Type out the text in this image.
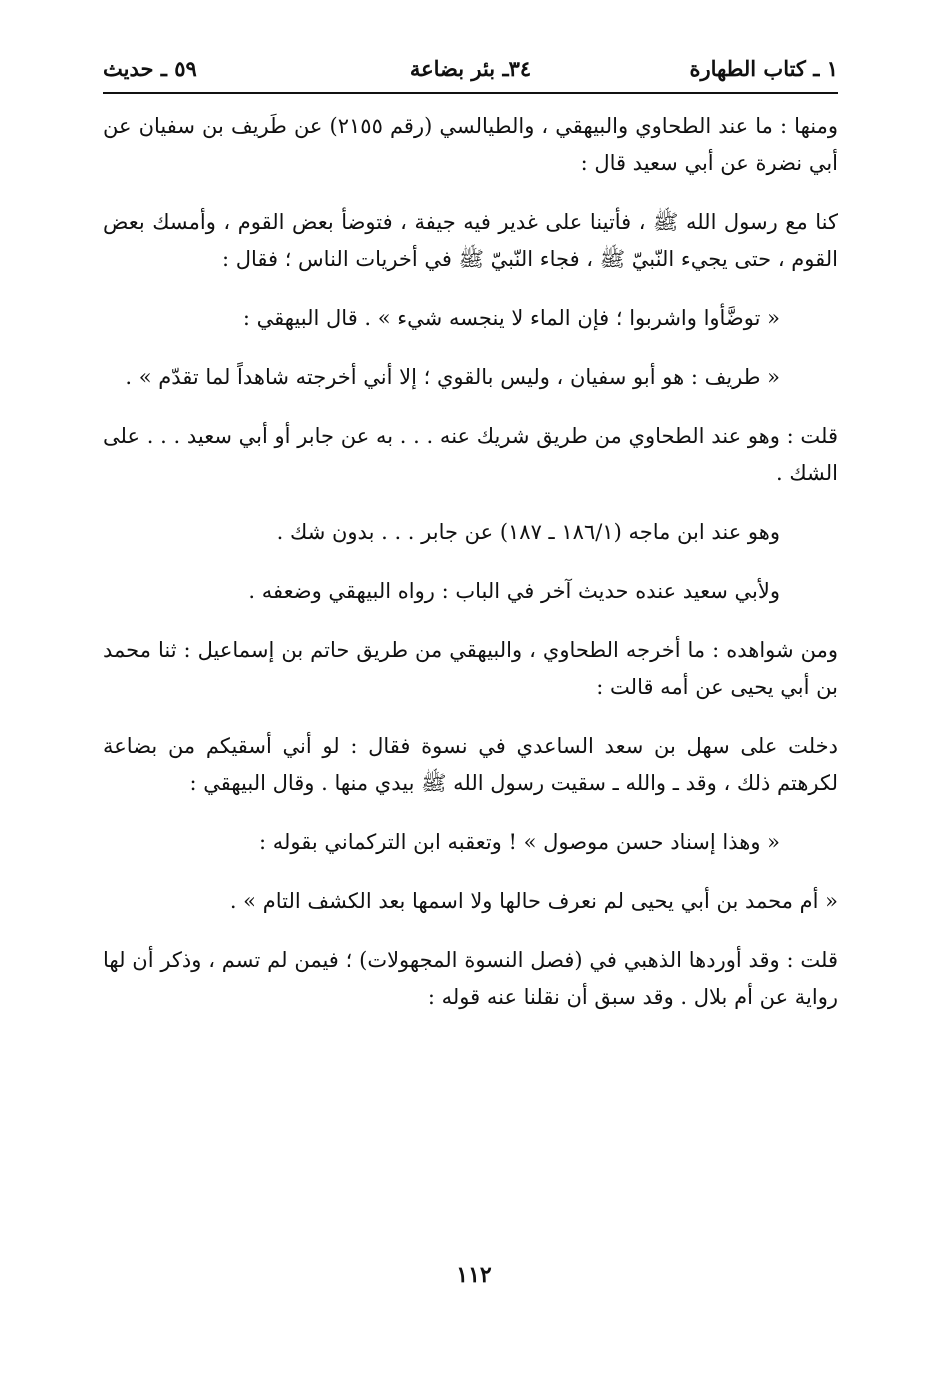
١ ـ كتاب الطهارة
٣٤ـ بئر بضاعة
٥٩ ـ حديث

ومنها : ما عند الطحاوي والبيهقي ، والطيالسي (رقم ٢١٥٥) عن طَريف بن سفيان عن أبي نضرة عن أبي سعيد قال :

كنا مع رسول الله ﷺ ، فأتينا على غدير فيه جيفة ، فتوضأ بعض القوم ، وأمسك بعض القوم ، حتى يجيء النّبيّ ﷺ ، فجاء النّبيّ ﷺ في أخريات الناس ؛ فقال :

« توضَّأوا واشربوا ؛ فإن الماء لا ينجسه شيء » . قال البيهقي :

« طريف : هو أبو سفيان ، وليس بالقوي ؛ إلا أني أخرجته شاهداً لما تقدّم » .

قلت : وهو عند الطحاوي من طريق شريك عنه . . . به عن جابر أو أبي سعيد . . . على الشك .

وهو عند ابن ماجه (١٨٦/١ ـ ١٨٧) عن جابر . . . بدون شك .

ولأبي سعيد عنده حديث آخر في الباب : رواه البيهقي وضعفه .

ومن شواهده : ما أخرجه الطحاوي ، والبيهقي من طريق حاتم بن إسماعيل : ثنا محمد بن أبي يحيى عن أمه قالت :

دخلت على سهل بن سعد الساعدي في نسوة فقال : لو أني أسقيكم من بضاعة لكرهتم ذلك ، وقد ـ والله ـ سقيت رسول الله ﷺ بيدي منها . وقال البيهقي :

« وهذا إسناد حسن موصول » ! وتعقبه ابن التركماني بقوله :

« أم محمد بن أبي يحيى لم نعرف حالها ولا اسمها بعد الكشف التام » .

قلت : وقد أوردها الذهبي في (فصل النسوة المجهولات) ؛ فيمن لم تسم ، وذكر أن لها رواية عن أم بلال . وقد سبق أن نقلنا عنه قوله :

١١٢
